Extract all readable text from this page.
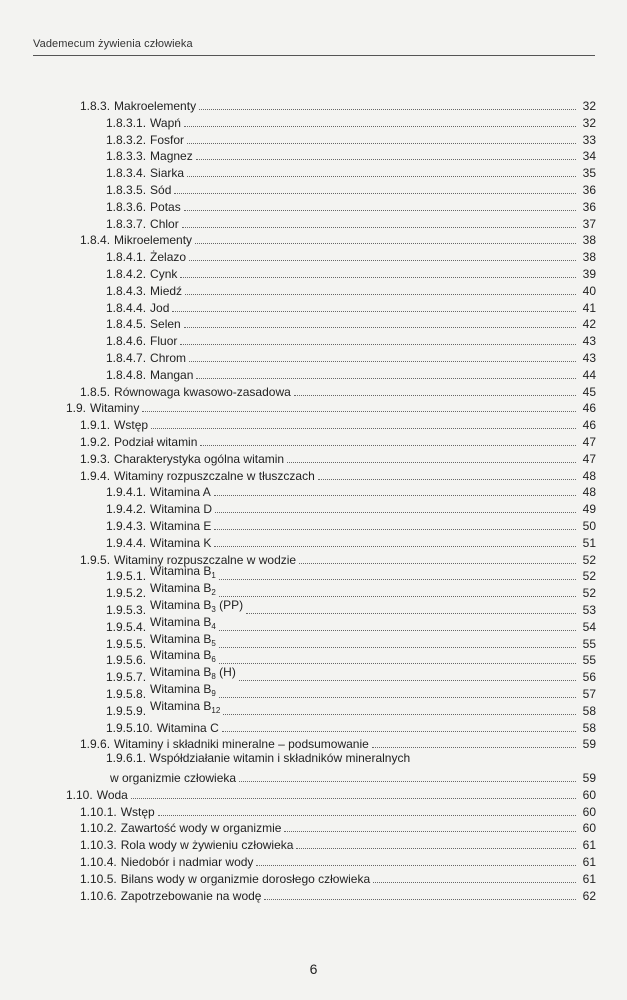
Vademecum żywienia człowieka
1.8.3. Makroelementy	32
1.8.3.1. Wapń	32
1.8.3.2. Fosfor	33
1.8.3.3. Magnez	34
1.8.3.4. Siarka	35
1.8.3.5. Sód	36
1.8.3.6. Potas	36
1.8.3.7. Chlor	37
1.8.4. Mikroelementy	38
1.8.4.1. Żelazo	38
1.8.4.2. Cynk	39
1.8.4.3. Miedź	40
1.8.4.4. Jod	41
1.8.4.5. Selen	42
1.8.4.6. Fluor	43
1.8.4.7. Chrom	43
1.8.4.8. Mangan	44
1.8.5. Równowaga kwasowo-zasadowa	45
1.9. Witaminy	46
1.9.1. Wstęp	46
1.9.2. Podział witamin	47
1.9.3. Charakterystyka ogólna witamin	47
1.9.4. Witaminy rozpuszczalne w tłuszczach	48
1.9.4.1. Witamina A	48
1.9.4.2. Witamina D	49
1.9.4.3. Witamina E	50
1.9.4.4. Witamina K	51
1.9.5. Witaminy rozpuszczalne w wodzie	52
1.9.5.1. Witamina $B_1$	52
1.9.5.2. Witamina $B_2$	52
1.9.5.3. Witamina $B_3$ (PP)	53
1.9.5.4. Witamina $B_4$	54
1.9.5.5. Witamina $B_5$	55
1.9.5.6. Witamina $B_6$	55
1.9.5.7. Witamina $B_8$ (H)	56
1.9.5.8. Witamina $B_9$	57
1.9.5.9. Witamina $B_{12}$	58
1.9.5.10. Witamina C	58
1.9.6. Witaminy i składniki mineralne – podsumowanie	59
1.9.6.1. Współdziałanie witamin i składników mineralnych
w organizmie człowieka	59
1.10. Woda	60
1.10.1. Wstęp	60
1.10.2. Zawartość wody w organizmie	60
1.10.3. Rola wody w żywieniu człowieka	61
1.10.4. Niedobór i nadmiar wody	61
1.10.5. Bilans wody w organizmie dorosłego człowieka	61
1.10.6. Zapotrzebowanie na wodę	62
6
